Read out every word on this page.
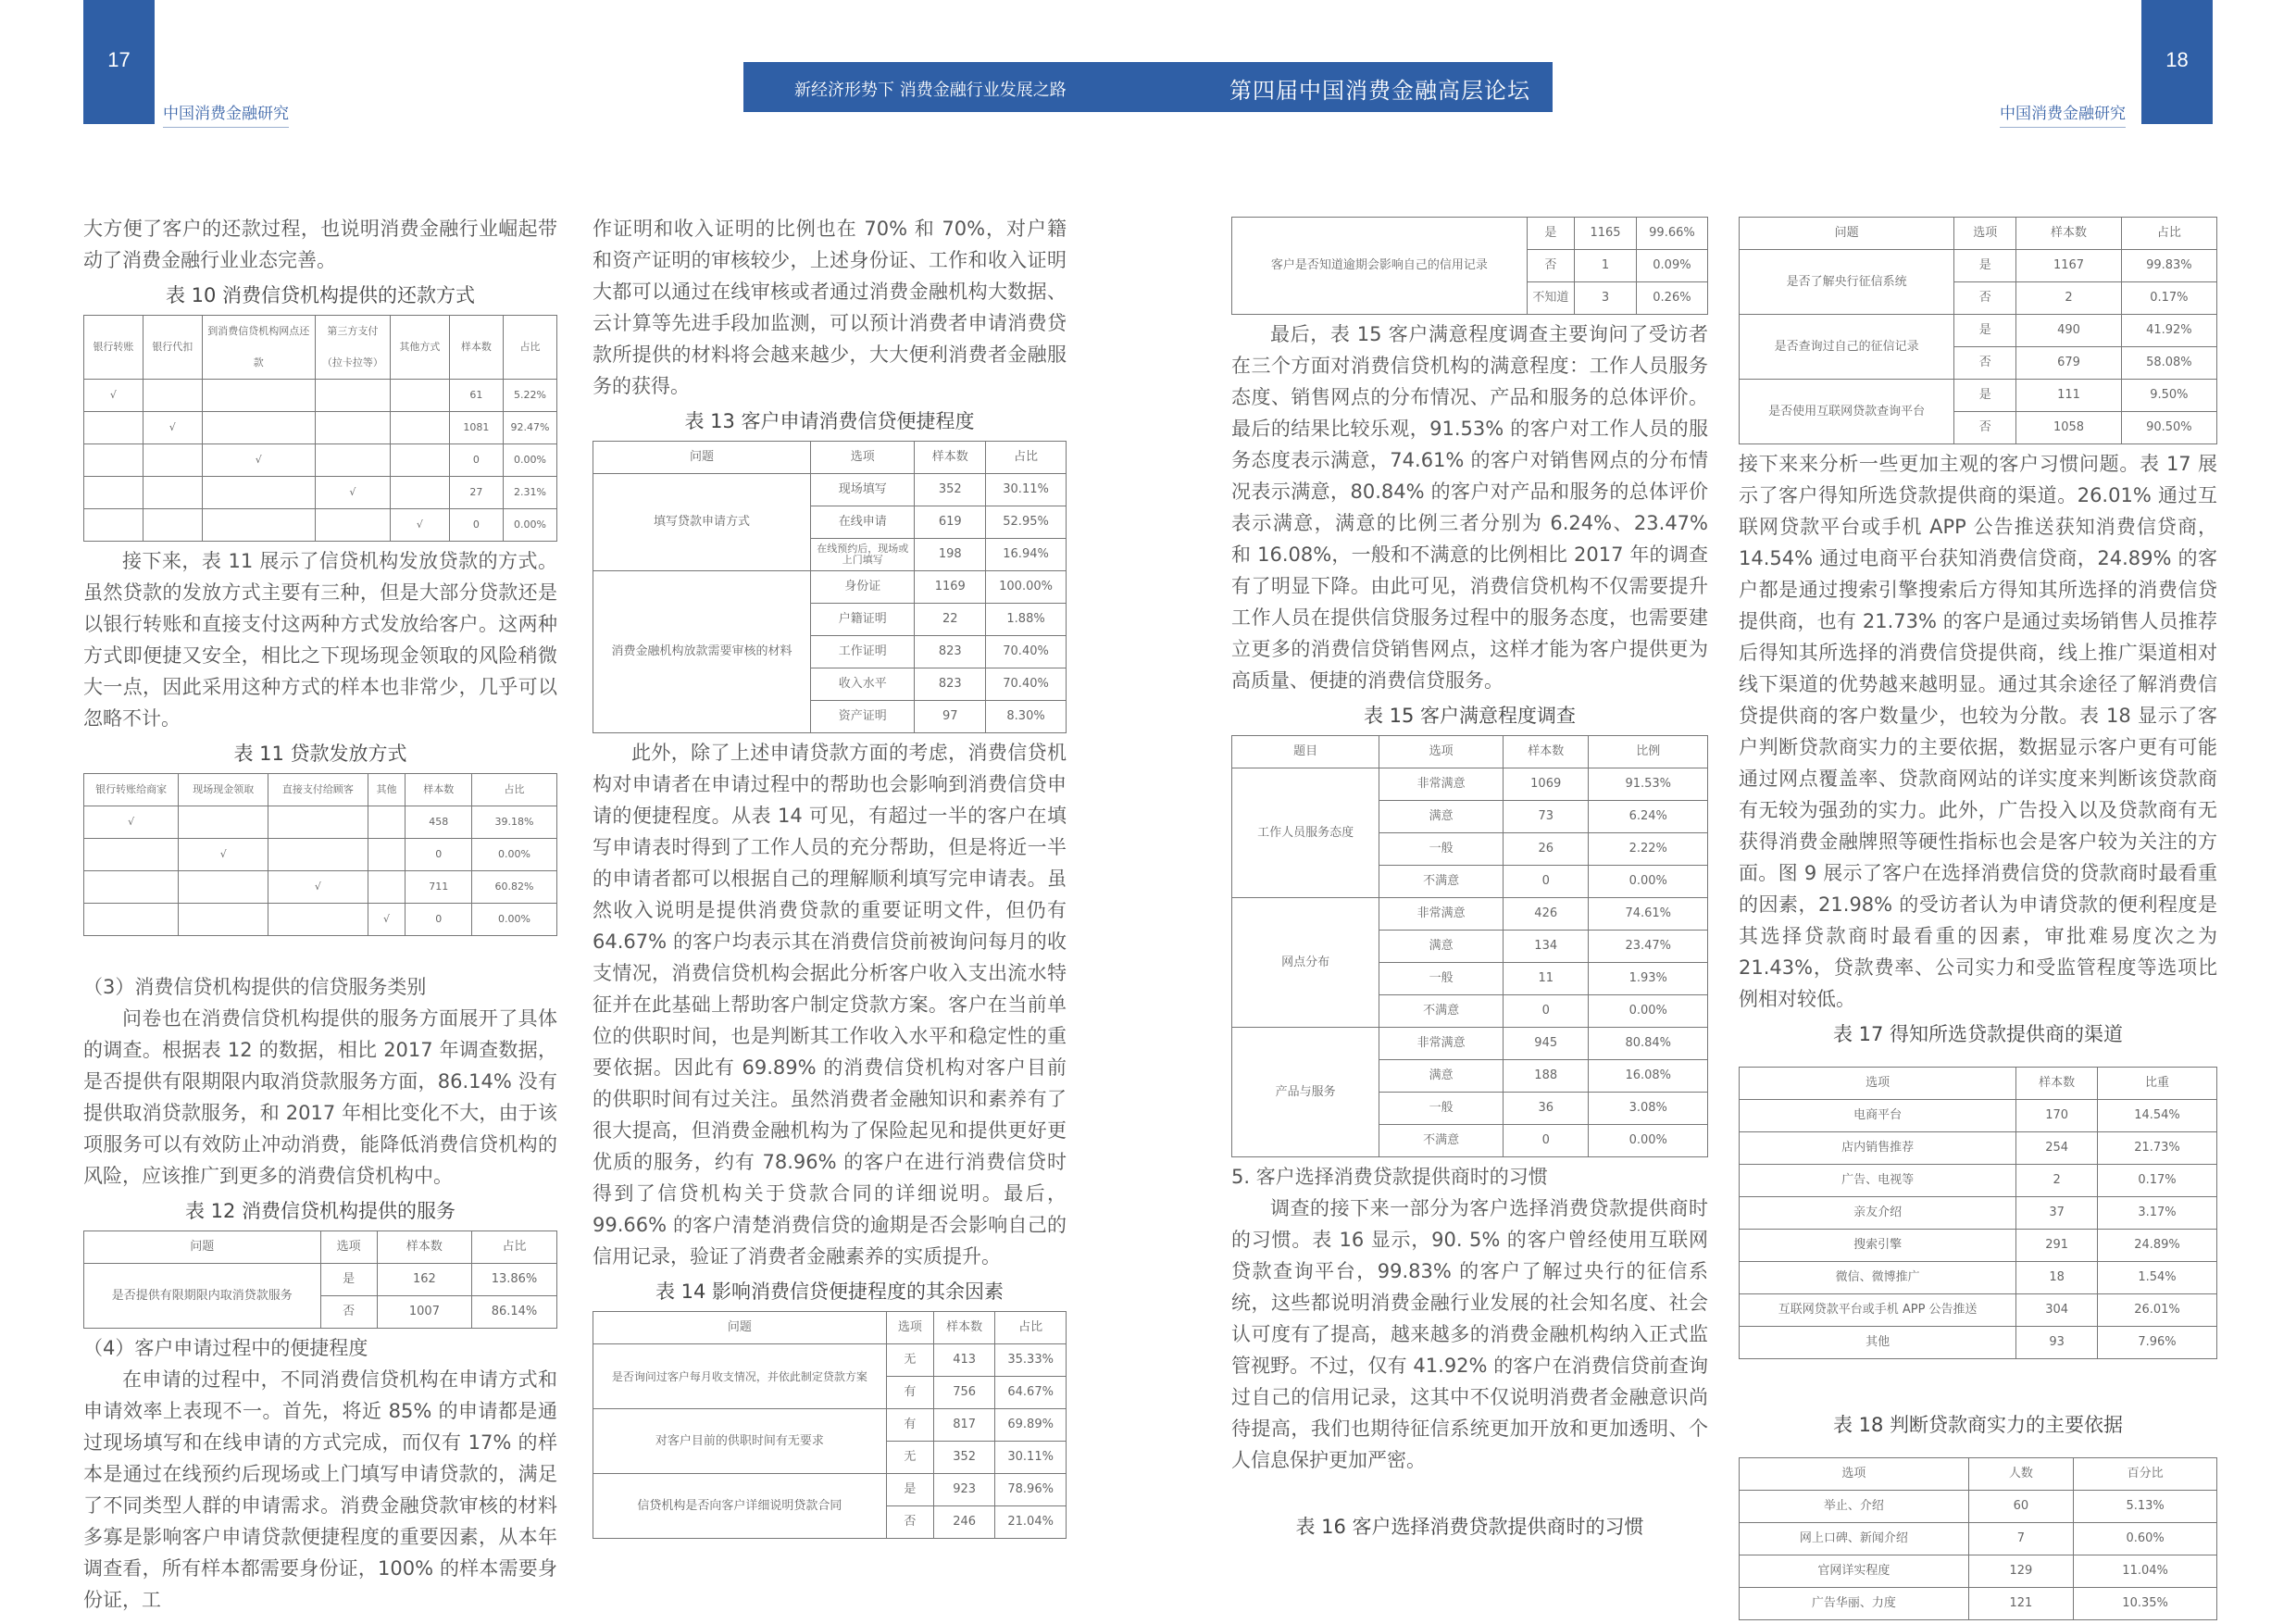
17	18
中国消费金融研究	中国消费金融研究
新经济形势下 消费金融行业发展之路	第四届中国消费金融高层论坛

大方便了客户的还款过程，也说明消费金融行业崛起带动了消费金融行业业态完善。

表 10 消费信贷机构提供的还款方式
银行转账	银行代扣	到消费信贷机构网点还款	第三方支付（拉卡拉等）	其他方式	样本数	占比
√					61	5.22%
	√				1081	92.47%
		√			0	0.00%
			√		27	2.31%
				√	0	0.00%

接下来，表 11 展示了信贷机构发放贷款的方式。虽然贷款的发放方式主要有三种，但是大部分贷款还是以银行转账和直接支付这两种方式发放给客户。这两种方式即便捷又安全，相比之下现场现金领取的风险稍微大一点，因此采用这种方式的样本也非常少，几乎可以忽略不计。

表 11 贷款发放方式
银行转账给商家	现场现金领取	直接支付给顾客	其他	样本数	占比
√				458	39.18%
	√			0	0.00%
		√		711	60.82%
			√	0	0.00%

（3）消费信贷机构提供的信贷服务类别

问卷也在消费信贷机构提供的服务方面展开了具体的调查。根据表 12 的数据，相比 2017 年调查数据，是否提供有限期限内取消贷款服务方面，86.14% 没有提供取消贷款服务，和 2017 年相比变化不大，由于该项服务可以有效防止冲动消费，能降低消费信贷机构的风险，应该推广到更多的消费信贷机构中。

表 12 消费信贷机构提供的服务
问题	选项	样本数	占比
是否提供有限期限内取消贷款服务	是	162	13.86%
	否	1007	86.14%

（4）客户申请过程中的便捷程度

在申请的过程中，不同消费信贷机构在申请方式和申请效率上表现不一。首先，将近 85% 的申请都是通过现场填写和在线申请的方式完成，而仅有 17% 的样本是通过在线预约后现场或上门填写申请贷款的，满足了不同类型人群的申请需求。消费金融贷款审核的材料多寡是影响客户申请贷款便捷程度的重要因素，从本年调查看，所有样本都需要身份证，100% 的样本需要身份证，工

作证明和收入证明的比例也在 70% 和 70%，对户籍和资产证明的审核较少，上述身份证、工作和收入证明大都可以通过在线审核或者通过消费金融机构大数据、云计算等先进手段加监测，可以预计消费者申请消费贷款所提供的材料将会越来越少，大大便利消费者金融服务的获得。

表 13 客户申请消费信贷便捷程度
问题	选项	样本数	占比
填写贷款申请方式	现场填写	352	30.11%
	在线申请	619	52.95%
	在线预约后，现场或上门填写	198	16.94%
消费金融机构放款需要审核的材料	身份证	1169	100.00%
	户籍证明	22	1.88%
	工作证明	823	70.40%
	收入水平	823	70.40%
	资产证明	97	8.30%

此外，除了上述申请贷款方面的考虑，消费信贷机构对申请者在申请过程中的帮助也会影响到消费信贷申请的便捷程度。从表 14 可见，有超过一半的客户在填写申请表时得到了工作人员的充分帮助，但是将近一半的申请者都可以根据自己的理解顺利填写完申请表。虽然收入说明是提供消费贷款的重要证明文件，但仍有 64.67% 的客户均表示其在消费信贷前被询问每月的收支情况，消费信贷机构会据此分析客户收入支出流水特征并在此基础上帮助客户制定贷款方案。客户在当前单位的供职时间，也是判断其工作收入水平和稳定性的重要依据。因此有 69.89% 的消费信贷机构对客户目前的供职时间有过关注。虽然消费者金融知识和素养有了很大提高，但消费金融机构为了保险起见和提供更好更优质的服务，约有 78.96% 的客户在进行消费信贷时得到了信贷机构关于贷款合同的详细说明。最后，99.66% 的客户清楚消费信贷的逾期是否会影响自己的信用记录，验证了消费者金融素养的实质提升。

表 14 影响消费信贷便捷程度的其余因素
问题	选项	样本数	占比
是否询问过客户每月收支情况，并依此制定贷款方案	无	413	35.33%
	有	756	64.67%
对客户目前的供职时间有无要求	有	817	69.89%
	无	352	30.11%
信贷机构是否向客户详细说明贷款合同	是	923	78.96%
	否	246	21.04%
客户是否知道逾期会影响自己的信用记录	是	1165	99.66%
	否	1	0.09%
	不知道	3	0.26%

最后，表 15 客户满意程度调查主要询问了受访者在三个方面对消费信贷机构的满意程度：工作人员服务态度、销售网点的分布情况、产品和服务的总体评价。最后的结果比较乐观，91.53% 的客户对工作人员的服务态度表示满意，74.61% 的客户对销售网点的分布情况表示满意，80.84% 的客户对产品和服务的总体评价表示满意，满意的比例三者分别为 6.24%、23.47% 和 16.08%，一般和不满意的比例相比 2017 年的调查有了明显下降。由此可见，消费信贷机构不仅需要提升工作人员在提供信贷服务过程中的服务态度，也需要建立更多的消费信贷销售网点，这样才能为客户提供更为高质量、便捷的消费信贷服务。

表 15 客户满意程度调查
题目	选项	样本数	比例
工作人员服务态度	非常满意	1069	91.53%
	满意	73	6.24%
	一般	26	2.22%
	不满意	0	0.00%
网点分布	非常满意	426	74.61%
	满意	134	23.47%
	一般	11	1.93%
	不满意	0	0.00%
产品与服务	非常满意	945	80.84%
	满意	188	16.08%
	一般	36	3.08%
	不满意	0	0.00%

5. 客户选择消费贷款提供商时的习惯

调查的接下来一部分为客户选择消费贷款提供商时的习惯。表 16 显示，90. 5% 的客户曾经使用互联网贷款查询平台，99.83% 的客户了解过央行的征信系统，这些都说明消费金融行业发展的社会知名度、社会认可度有了提高，越来越多的消费金融机构纳入正式监管视野。不过，仅有 41.92% 的客户在消费信贷前查询过自己的信用记录，这其中不仅说明消费者金融意识尚待提高，我们也期待征信系统更加开放和更加透明、个人信息保护更加严密。

表 16 客户选择消费贷款提供商时的习惯
问题	选项	样本数	占比
是否了解央行征信系统	是	1167	99.83%
	否	2	0.17%
是否查询过自己的征信记录	是	490	41.92%
	否	679	58.08%
是否使用互联网贷款查询平台	是	111	9.50%
	否	1058	90.50%

接下来来分析一些更加主观的客户习惯问题。表 17 展示了客户得知所选贷款提供商的渠道。26.01% 通过互联网贷款平台或手机 APP 公告推送获知消费信贷商，14.54% 通过电商平台获知消费信贷商，24.89% 的客户都是通过搜索引擎搜索后方得知其所选择的消费信贷提供商，也有 21.73% 的客户是通过卖场销售人员推荐后得知其所选择的消费信贷提供商，线上推广渠道相对线下渠道的优势越来越明显。通过其余途径了解消费信贷提供商的客户数量少，也较为分散。表 18 显示了客户判断贷款商实力的主要依据，数据显示客户更有可能通过网点覆盖率、贷款商网站的详实度来判断该贷款商有无较为强劲的实力。此外，广告投入以及贷款商有无获得消费金融牌照等硬性指标也会是客户较为关注的方面。图 9 展示了客户在选择消费信贷的贷款商时最看重的因素，21.98% 的受访者认为申请贷款的便利程度是其选择贷款商时最看重的因素，审批难易度次之为 21.43%，贷款费率、公司实力和受监管程度等选项比例相对较低。

表 17 得知所选贷款提供商的渠道
选项	样本数	比重
电商平台	170	14.54%
店内销售推荐	254	21.73%
广告、电视等	2	0.17%
亲友介绍	37	3.17%
搜索引擎	291	24.89%
微信、微博推广	18	1.54%
互联网贷款平台或手机 APP 公告推送	304	26.01%
其他	93	7.96%
表 18 判断贷款商实力的主要依据
选项	人数	百分比
举止、介绍	60	5.13%
网上口碑、新闻介绍	7	0.60%
官网详实程度	129	11.04%
广告华丽、力度	121	10.35%
